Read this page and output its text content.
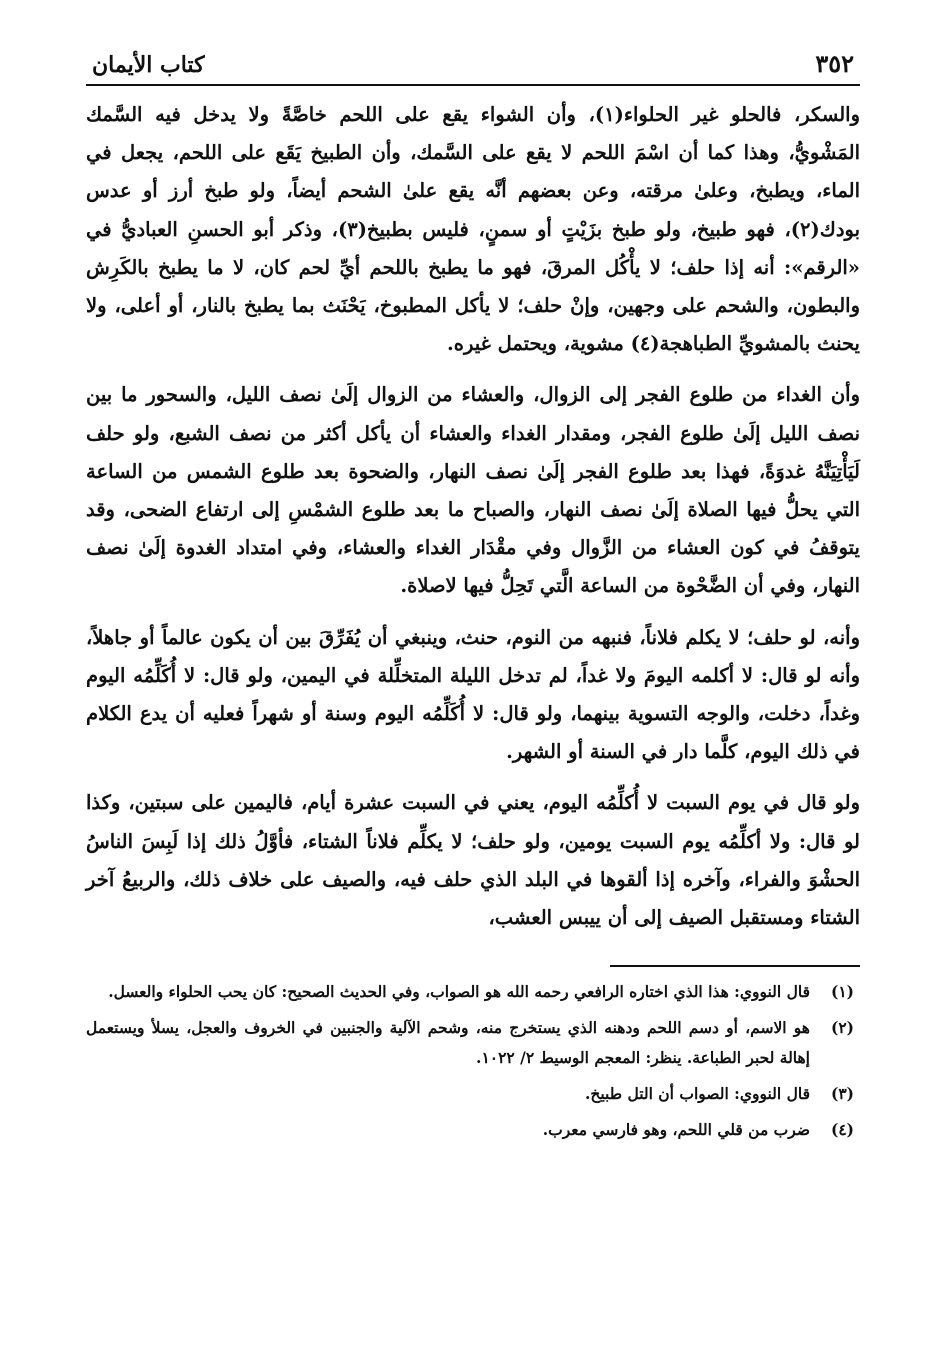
٣٥٢
كتاب الأيمان

والسكر، فالحلو غير الحلواء(١)، وأن الشواء يقع على اللحم خاصَّةً ولا يدخل فيه السَّمك المَشْويُّ، وهذا كما أن اسْمَ اللحم لا يقع على السَّمك، وأن الطبيخ يَقَع على اللحم، يجعل في الماء، ويطبخ، وعلىٰ مرقته، وعن بعضهم أنَّه يقع علىٰ الشحم أيضاً، ولو طبخ أرز أو عدس بودك(٢)، فهو طبيخ، ولو طبخ بزَيْتٍ أو سمنٍ، فليس بطبيخ(٣)، وذكر أبو الحسنِ العباديُّ في «الرقم»: أنه إذا حلف؛ لا يأْكُل المرقَ، فهو ما يطبخ باللحم أيِّ لحم كان، لا ما يطبخ بالكَرِش والبطون، والشحم على وجهين، وإنْ حلف؛ لا يأكل المطبوخ، يَحْنَث بما يطبخ بالنار، أو أعلى، ولا يحنث بالمشويِّ الطباهجة(٤) مشوية، ويحتمل غيره.

وأن الغداء من طلوع الفجر إلى الزوال، والعشاء من الزوال إلَىٰ نصف الليل، والسحور ما بين نصف الليل إلَىٰ طلوع الفجر، ومقدار الغداء والعشاء أن يأكل أكثر من نصف الشبع، ولو حلف لَيَأْتِيَنَّهُ غدوَةً، فهذا بعد طلوع الفجر إلَىٰ نصف النهار، والضحوة بعد طلوع الشمس من الساعة التي يحلُّ فيها الصلاة إلَىٰ نصف النهار، والصباح ما بعد طلوع الشمْسِ إلى ارتفاع الضحى، وقد يتوقفُ في كون العشاء من الزَّوال وفي مقْدَار الغداء والعشاء، وفي امتداد الغدوة إلَىٰ نصف النهار، وفي أن الضَّحْوة من الساعة الَّتي تَحِلُّ فيها لاصلاة.

وأنه، لو حلف؛ لا يكلم فلاناً، فنبهه من النوم، حنث، وينبغي أن يُفَرِّقَ بين أن يكون عالماً أو جاهلاً، وأنه لو قال: لا أكلمه اليومَ ولا غداً، لم تدخل الليلة المتخلِّلة في اليمين، ولو قال: لا أُكَلِّمُه اليوم وغداً، دخلت، والوجه التسوية بينهما، ولو قال: لا أُكَلِّمُه اليوم وسنة أو شهراً فعليه أن يدع الكلام في ذلك اليوم، كلَّما دار في السنة أو الشهر.

ولو قال في يوم السبت لا أُكلِّمُه اليوم، يعني في السبت عشرة أيام، فاليمين على سبتين، وكذا لو قال: ولا أكلِّمُه يوم السبت يومين، ولو حلف؛ لا يكلِّم فلاناً الشتاء، فأوَّلُ ذلك إذا لَبِسَ الناسُ الحشْوَ والفراء، وآخره إذا ألقوها في البلد الذي حلف فيه، والصيف على خلاف ذلك، والربيعُ آخر الشتاء ومستقبل الصيف إلى أن ييبس العشب،

(١)
قال النووي: هذا الذي اختاره الرافعي رحمه الله هو الصواب، وفي الحديث الصحيح: كان يحب الحلواء والعسل.
(٢)
هو الاسم، أو دسم اللحم ودهنه الذي يستخرج منه، وشحم الآلية والجنبين في الخروف والعجل، يسلأ ويستعمل إهالة لحبر الطباعة. ينظر: المعجم الوسيط ٢/ ١٠٢٢.
(٣)
قال النووي: الصواب أن التل طبيخ.
(٤)
ضرب من قلي اللحم، وهو فارسي معرب.
